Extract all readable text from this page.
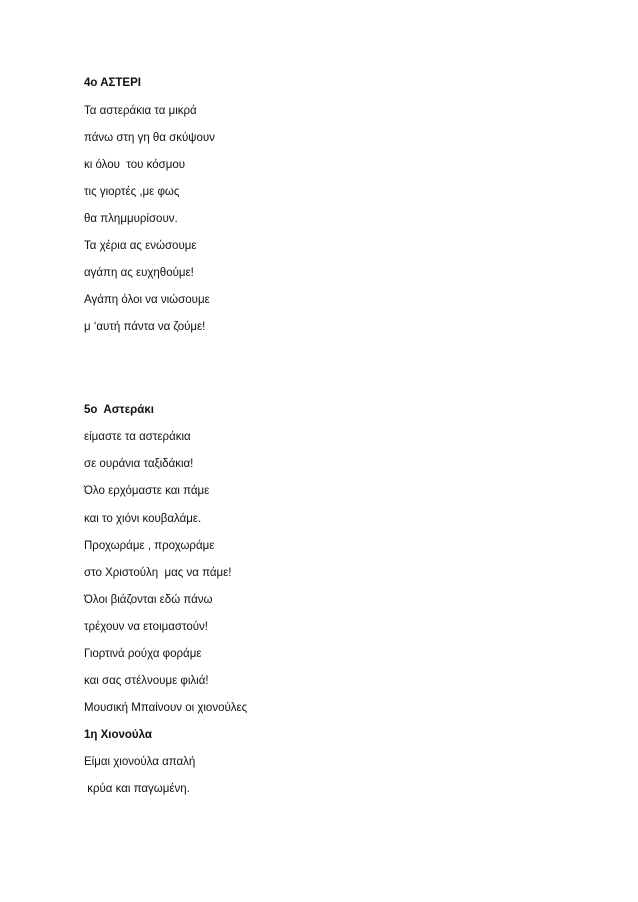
4ο ΑΣΤΕΡΙ
Τα αστεράκια τα μικρά
πάνω στη γη θα σκύψουν
κι όλου  του κόσμου
τις γιορτές ,με φως
θα πλημμυρίσουν.
Τα χέρια ας ενώσουμε
αγάπη ας ευχηθούμε!
Αγάπη όλοι να νιώσουμε
μ ‘αυτή πάντα να ζούμε!
5ο  Αστεράκι
είμαστε τα αστεράκια
σε ουράνια ταξιδάκια!
Όλο ερχόμαστε και πάμε
και το χιόνι κουβαλάμε.
Προχωράμε , προχωράμε
στο Χριστούλη  μας να πάμε!
Όλοι βιάζονται εδώ πάνω
τρέχουν να ετοιμαστούν!
Γιορτινά ρούχα φοράμε
και σας στέλνουμε φιλιά!
Μουσική Μπαίνουν οι χιονούλες
1η Χιονούλα
Είμαι χιονούλα απαλή
κρύα και παγωμένη.
